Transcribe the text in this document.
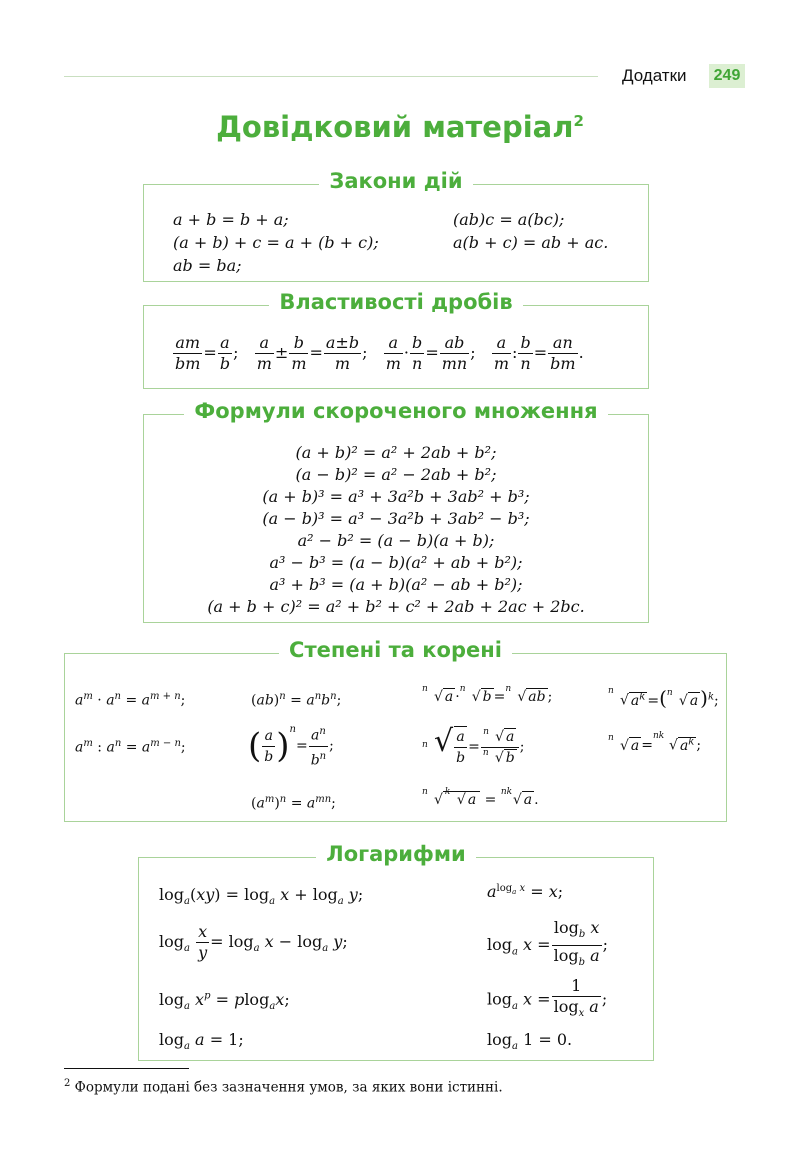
Додатки 249
Довідковий матеріал$^2$
Закони дій
a + b = b + a;
(a + b) + c = a + (b + c);
ab = ba;
(ab)c = a(bc);
a(b + c) = ab + ac.
Властивості дробів
$\frac{am}{bm} = \frac{a}{b}$ ; $\frac{a}{m} \pm \frac{b}{m} = \frac{a\pm b}{m}$ ; $\frac{a}{m} \cdot \frac{b}{n} = \frac{ab}{mn}$ ; $\frac{a}{m}$ : $\frac{b}{n} = \frac{an}{bm}$ .
Формули скороченого множення
(a + b)² = a² + 2ab + b²;
(a − b)² = a² − 2ab + b²;
(a + b)³ = a³ + 3a²b + 3ab² + b³;
(a − b)³ = a³ − 3a²b + 3ab² − b³;
a² − b² = (a − b)(a + b);
a³ − b³ = (a − b)(a² + ab + b²);
a³ + b³ = (a + b)(a² − ab + b²);
(a + b + c)² = a² + b² + c² + 2ab + 2ac + 2bc.
Степені та корені
$a^m \cdot a^n = a^{m + n}$;
$a^m$ : $a^n = a^{m - n}$;
$(ab)^n = a^nb^n$;
( $\frac{a}{b} )^n= \frac{a^n}{b^n}$ ;
$(a^m)^n = a^{mn}$;
n √ a · n √ b = n √ ab ;
n √ $\frac{a}{b} = \frac{n √ a}{n √ b}$ ;
n √ k √ a = nk √ a .
n
√ $a^k$ =( n √ a )$^k$;
n √ a =
nk
√ $a^k$ ;
Логарифми
$\log_a(xy) = \log_a x + \log_a y$;
$\log_a \frac{x}{y} = \log_a x - \log_a y$;
$\log_a x^p = plog_ax$;
$\log_a a = 1$;
$a^{log_a x} = x$;
$\log_a x = \frac{\log_b x}{\log_b a}$ ;
$\log_a x = \frac{1}{\log_x a}$ ;
$\log_a 1 = 0$.
$^2$ Формули подані без зазначення умов, за яких вони істинні.
